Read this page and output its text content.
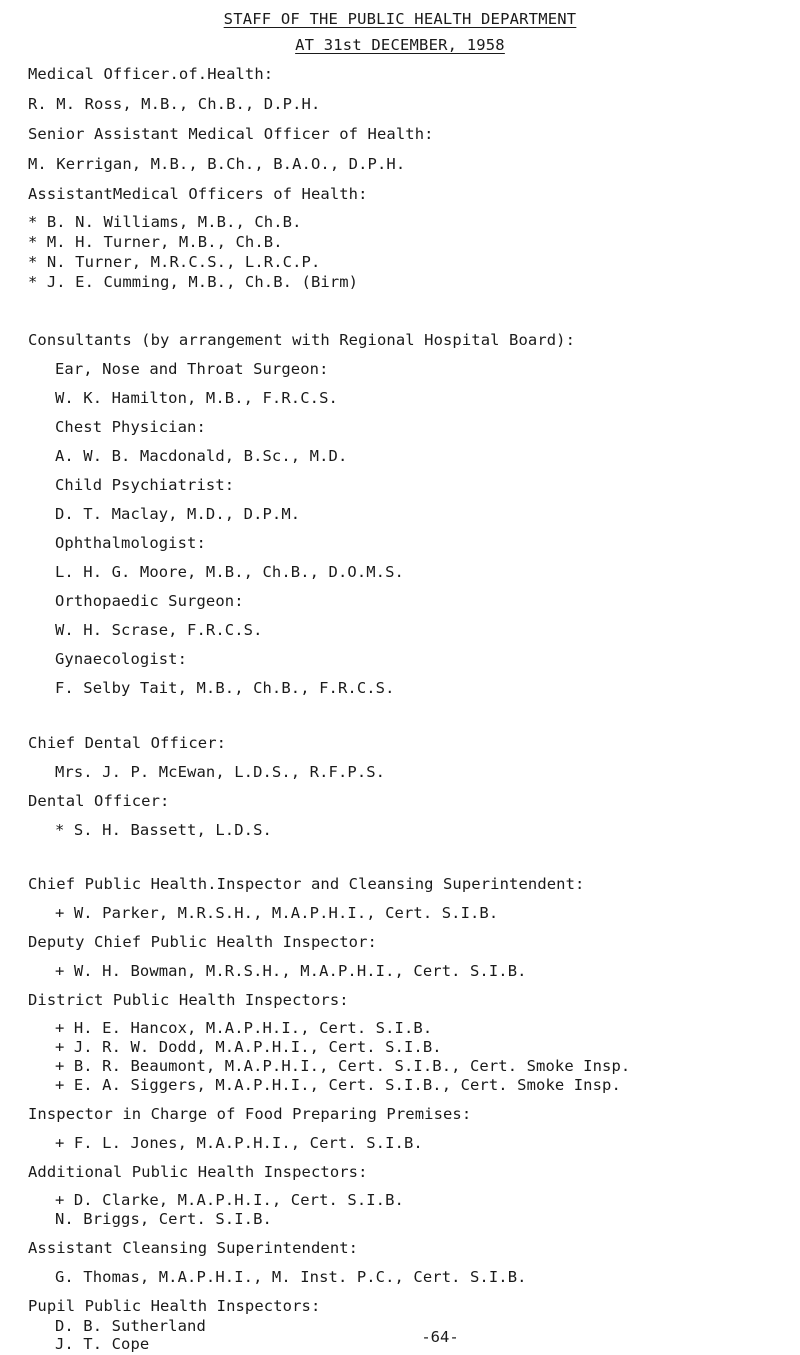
STAFF OF THE PUBLIC HEALTH DEPARTMENT
AT 31st DECEMBER, 1958
Medical Officer.of.Health:
R. M. Ross, M.B., Ch.B., D.P.H.
Senior Assistant Medical Officer of Health:
M. Kerrigan, M.B., B.Ch., B.A.O., D.P.H.
AssistantMedical Officers of Health:
* B. N. Williams, M.B., Ch.B.
* M. H. Turner, M.B., Ch.B.
* N. Turner, M.R.C.S., L.R.C.P.
* J. E. Cumming, M.B., Ch.B. (Birm)
Consultants (by arrangement with Regional Hospital Board):
Ear, Nose and Throat Surgeon:
W. K. Hamilton, M.B., F.R.C.S.
Chest Physician:
A. W. B. Macdonald, B.Sc., M.D.
Child Psychiatrist:
D. T. Maclay, M.D., D.P.M.
Ophthalmologist:
L. H. G. Moore, M.B., Ch.B., D.O.M.S.
Orthopaedic Surgeon:
W. H. Scrase, F.R.C.S.
Gynaecologist:
F. Selby Tait, M.B., Ch.B., F.R.C.S.
Chief Dental Officer:
Mrs. J. P. McEwan, L.D.S., R.F.P.S.
Dental Officer:
* S. H. Bassett, L.D.S.
Chief Public Health.Inspector and Cleansing Superintendent:
+ W. Parker, M.R.S.H., M.A.P.H.I., Cert. S.I.B.
Deputy Chief Public Health Inspector:
+ W. H. Bowman, M.R.S.H., M.A.P.H.I., Cert. S.I.B.
District Public Health Inspectors:
+ H. E. Hancox, M.A.P.H.I., Cert. S.I.B.
+ J. R. W. Dodd, M.A.P.H.I., Cert. S.I.B.
+ B. R. Beaumont, M.A.P.H.I., Cert. S.I.B., Cert. Smoke Insp.
+ E. A. Siggers, M.A.P.H.I., Cert. S.I.B., Cert. Smoke Insp.
Inspector in Charge of Food Preparing Premises:
+ F. L. Jones, M.A.P.H.I., Cert. S.I.B.
Additional Public Health Inspectors:
+ D. Clarke, M.A.P.H.I., Cert. S.I.B.
N. Briggs, Cert. S.I.B.
Assistant Cleansing Superintendent:
G. Thomas, M.A.P.H.I., M. Inst. P.C., Cert. S.I.B.
Pupil Public Health Inspectors:
D. B. Sutherland
J. T. Cope	-64-
